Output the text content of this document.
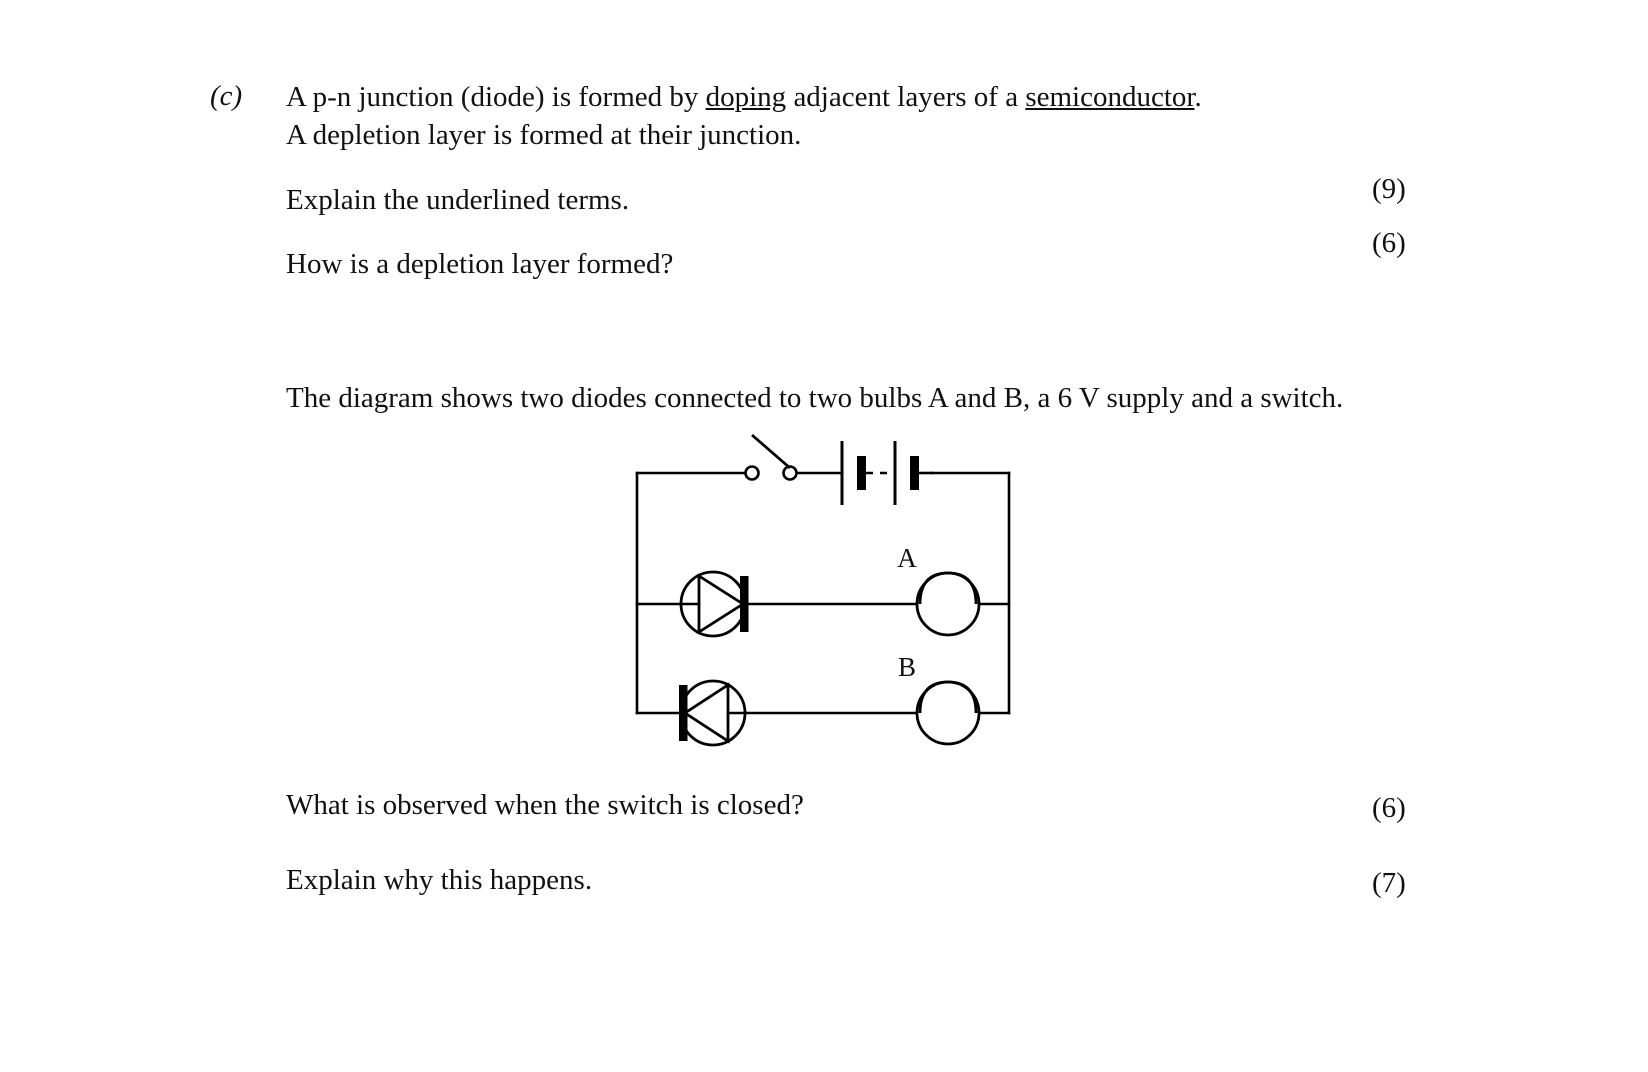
(c) A p-n junction (diode) is formed by doping adjacent layers of a semiconductor.
A depletion layer is formed at their junction.

Explain the underlined terms.

How is a depletion layer formed?

The diagram shows two diodes connected to two bulbs A and B, a 6 V supply and a switch.

(9)
(6)
A
B
What is observed when the switch is closed?	(6)
Explain why this happens.	(7)
